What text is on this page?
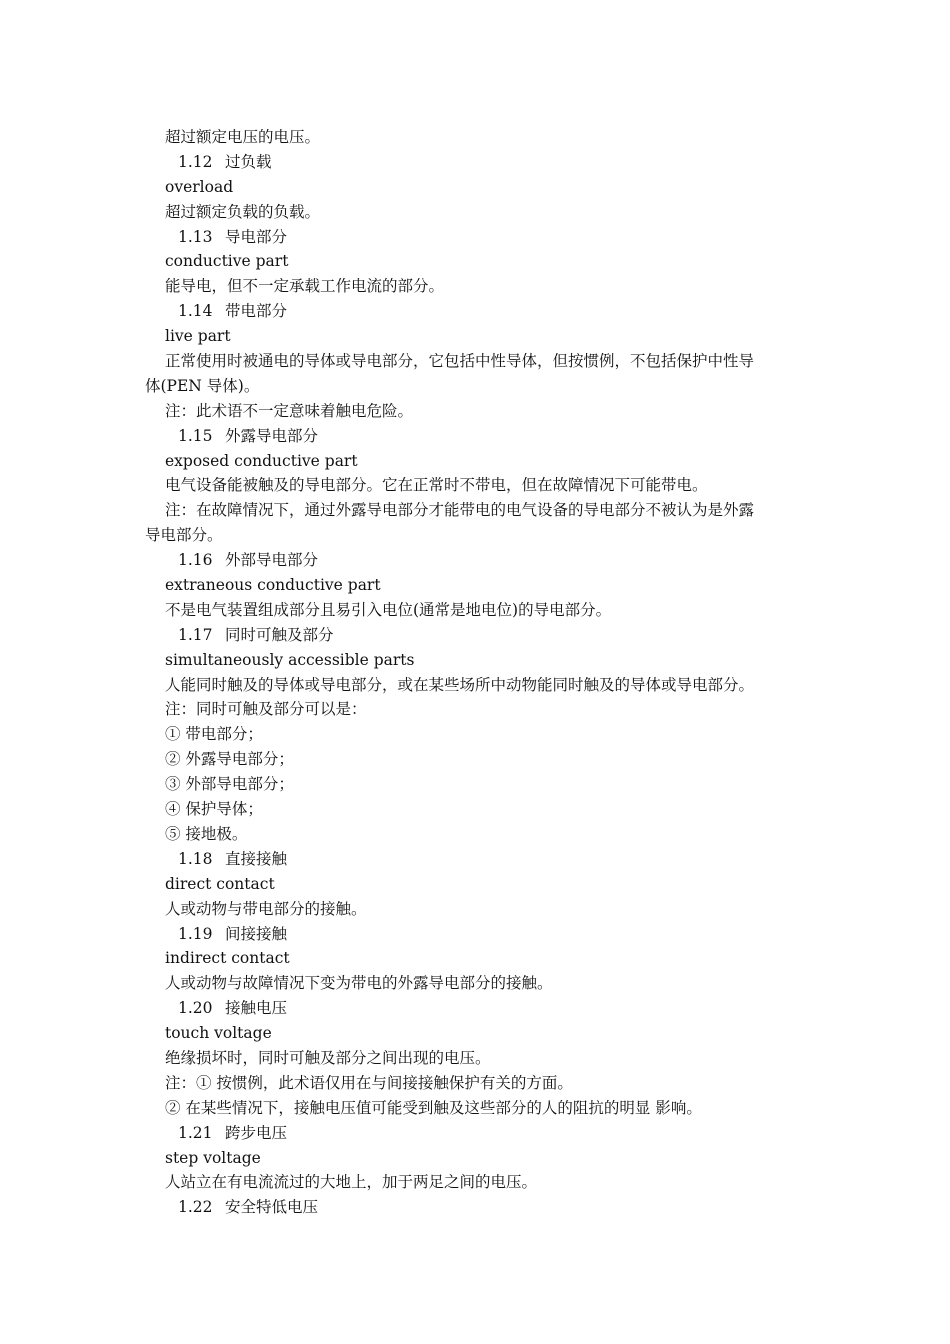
超过额定电压的电压。
1.12 过负载
overload
超过额定负载的负载。
1.13 导电部分
conductive part
能导电，但不一定承载工作电流的部分。
1.14 带电部分
live part
正常使用时被通电的导体或导电部分，它包括中性导体，但按惯例，不包括保护中性导
体(PEN 导体)。
注：此术语不一定意味着触电危险。
1.15 外露导电部分
exposed conductive part
电气设备能被触及的导电部分。它在正常时不带电，但在故障情况下可能带电。
注：在故障情况下，通过外露导电部分才能带电的电气设备的导电部分不被认为是外露
导电部分。
1.16 外部导电部分
extraneous conductive part
不是电气装置组成部分且易引入电位(通常是地电位)的导电部分。
1.17 同时可触及部分
simultaneously accessible parts
人能同时触及的导体或导电部分，或在某些场所中动物能同时触及的导体或导电部分。
注：同时可触及部分可以是：
① 带电部分；
② 外露导电部分；
③ 外部导电部分；
④ 保护导体；
⑤ 接地极。
1.18 直接接触
direct contact
人或动物与带电部分的接触。
1.19 间接接触
indirect contact
人或动物与故障情况下变为带电的外露导电部分的接触。
1.20 接触电压
touch voltage
绝缘损坏时，同时可触及部分之间出现的电压。
注：① 按惯例，此术语仅用在与间接接触保护有关的方面。
② 在某些情况下，接触电压值可能受到触及这些部分的人的阻抗的明显 影响。
1.21 跨步电压
step voltage
人站立在有电流流过的大地上，加于两足之间的电压。
1.22 安全特低电压
